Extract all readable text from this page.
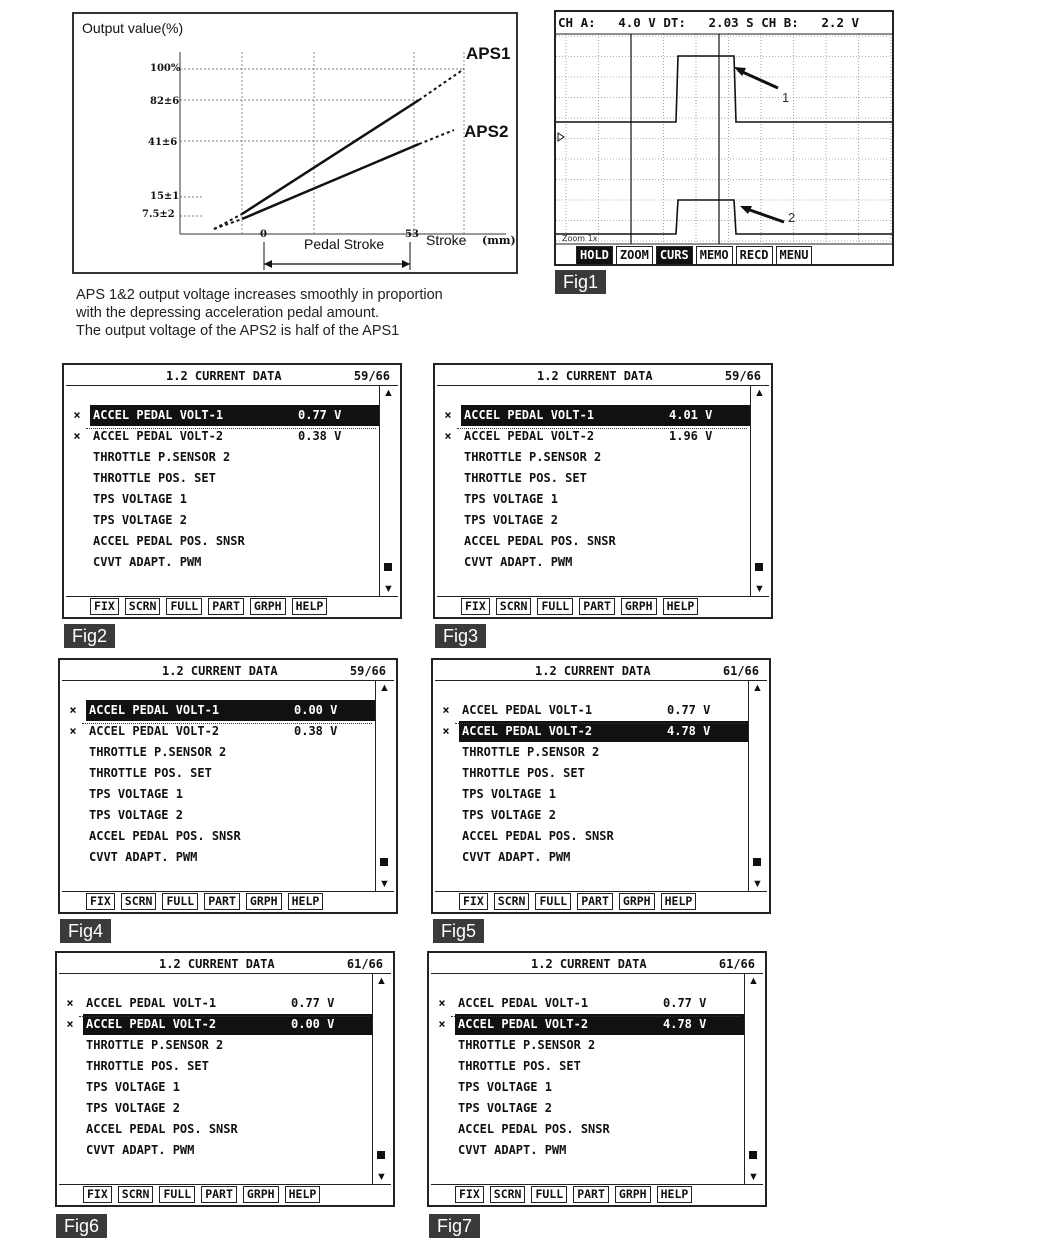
Output value(%)
100%
82±6
41±6
15±1
7.5±2
0	53 Stroke (mm)
Pedal Stroke
APS1
APS2
APS 1&2 output voltage increases smoothly in proportion
with the depressing acceleration pedal amount.
The output voltage of the APS2 is half of the APS1
1
2
Zoom 1x
CH A:   4.0 V DT:   2.03 S CH B:   2.2 V
HOLD ZOOM CURS MEMO RECD MENU
Fig1
Fig2	Fig3
Fig4	Fig5
Fig6	Fig7
1.2 CURRENT DATA	59/66
×	ACCEL PEDAL VOLT-1	0.77 V
×	ACCEL PEDAL VOLT-2	0.38 V
THROTTLE P.SENSOR 2
THROTTLE POS. SET
TPS VOLTAGE 1
TPS VOLTAGE 2
ACCEL PEDAL POS. SNSR
CVVT ADAPT. PWM
▲
▼
FIX	SCRN	FULL	PART	GRPH	HELP
1.2 CURRENT DATA	59/66
×	ACCEL PEDAL VOLT-1	4.01 V
×	ACCEL PEDAL VOLT-2	1.96 V
THROTTLE P.SENSOR 2
THROTTLE POS. SET
TPS VOLTAGE 1
TPS VOLTAGE 2
ACCEL PEDAL POS. SNSR
CVVT ADAPT. PWM
▲
▼
FIX	SCRN	FULL	PART	GRPH	HELP
1.2 CURRENT DATA	59/66
×	ACCEL PEDAL VOLT-1	0.00 V
×	ACCEL PEDAL VOLT-2	0.38 V
THROTTLE P.SENSOR 2
THROTTLE POS. SET
TPS VOLTAGE 1
TPS VOLTAGE 2
ACCEL PEDAL POS. SNSR
CVVT ADAPT. PWM
▲
▼
FIX	SCRN	FULL	PART	GRPH	HELP
1.2 CURRENT DATA	61/66
×	ACCEL PEDAL VOLT-1	0.77 V
×	ACCEL PEDAL VOLT-2	4.78 V
THROTTLE P.SENSOR 2
THROTTLE POS. SET
TPS VOLTAGE 1
TPS VOLTAGE 2
ACCEL PEDAL POS. SNSR
CVVT ADAPT. PWM
▲
▼
FIX	SCRN	FULL	PART	GRPH	HELP
1.2 CURRENT DATA	61/66
×	ACCEL PEDAL VOLT-1	0.77 V
×	ACCEL PEDAL VOLT-2	0.00 V
THROTTLE P.SENSOR 2
THROTTLE POS. SET
TPS VOLTAGE 1
TPS VOLTAGE 2
ACCEL PEDAL POS. SNSR
CVVT ADAPT. PWM
▲
▼
FIX	SCRN	FULL	PART	GRPH	HELP
1.2 CURRENT DATA	61/66
×	ACCEL PEDAL VOLT-1	0.77 V
×	ACCEL PEDAL VOLT-2	4.78 V
THROTTLE P.SENSOR 2
THROTTLE POS. SET
TPS VOLTAGE 1
TPS VOLTAGE 2
ACCEL PEDAL POS. SNSR
CVVT ADAPT. PWM
▲
▼
FIX	SCRN	FULL	PART	GRPH	HELP
